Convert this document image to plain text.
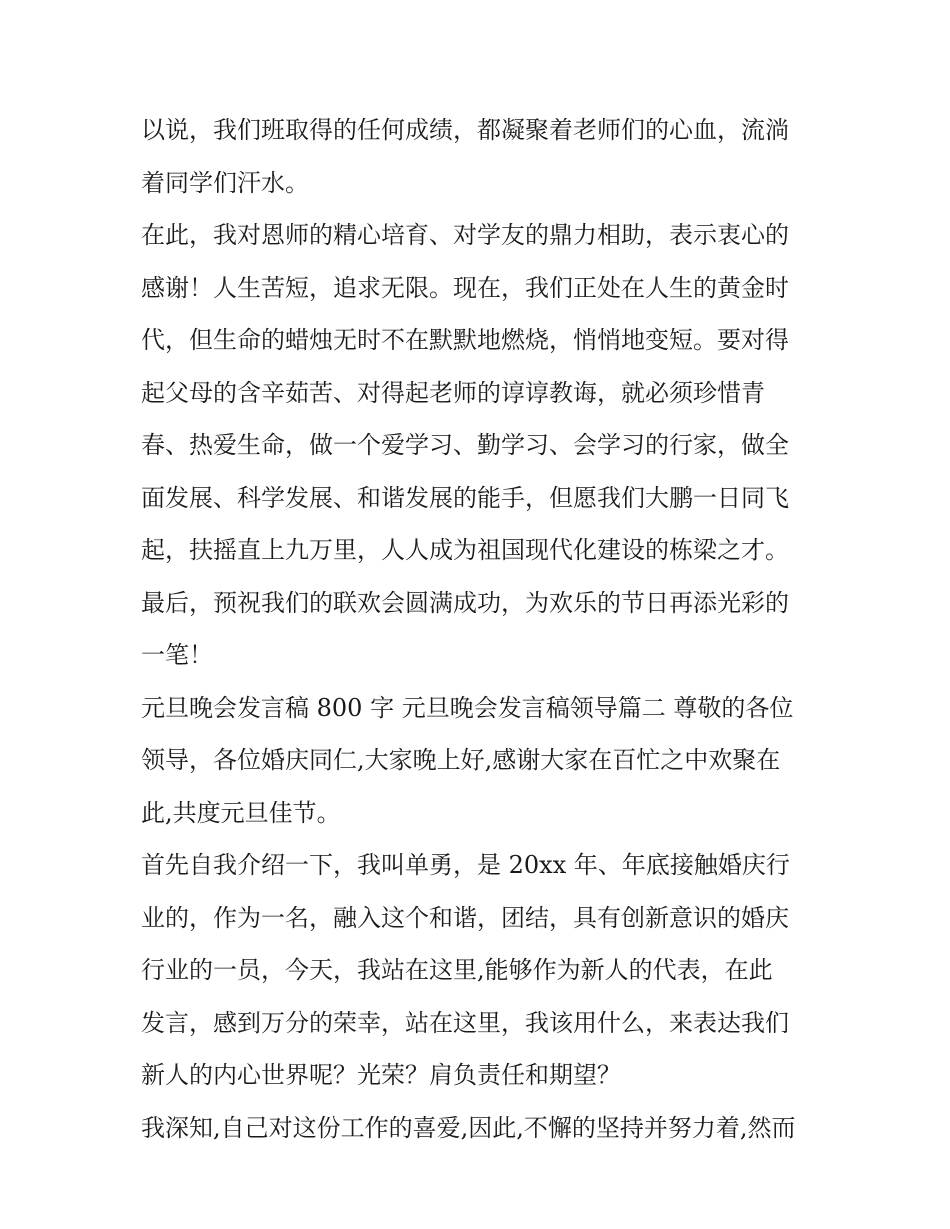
以说，我们班取得的任何成绩，都凝聚着老师们的心血，流淌
着同学们汗水。
在此，我对恩师的精心培育、对学友的鼎力相助，表示衷心的
感谢！人生苦短，追求无限。现在，我们正处在人生的黄金时
代，但生命的蜡烛无时不在默默地燃烧，悄悄地变短。要对得
起父母的含辛茹苦、对得起老师的谆谆教诲，就必须珍惜青
春、热爱生命，做一个爱学习、勤学习、会学习的行家，做全
面发展、科学发展、和谐发展的能手，但愿我们大鹏一日同飞
起，扶摇直上九万里，人人成为祖国现代化建设的栋梁之才。
最后，预祝我们的联欢会圆满成功，为欢乐的节日再添光彩的
一笔！
元旦晚会发言稿 800 字 元旦晚会发言稿领导篇二 尊敬的各位
领导，各位婚庆同仁,大家晚上好,感谢大家在百忙之中欢聚在
此,共度元旦佳节。
首先自我介绍一下，我叫单勇，是 20xx 年、年底接触婚庆行
业的，作为一名，融入这个和谐，团结，具有创新意识的婚庆
行业的一员，今天，我站在这里,能够作为新人的代表，在此
发言，感到万分的荣幸，站在这里，我该用什么，来表达我们
新人的内心世界呢？光荣？肩负责任和期望？
我深知,自己对这份工作的喜爱,因此,不懈的坚持并努力着,然而
